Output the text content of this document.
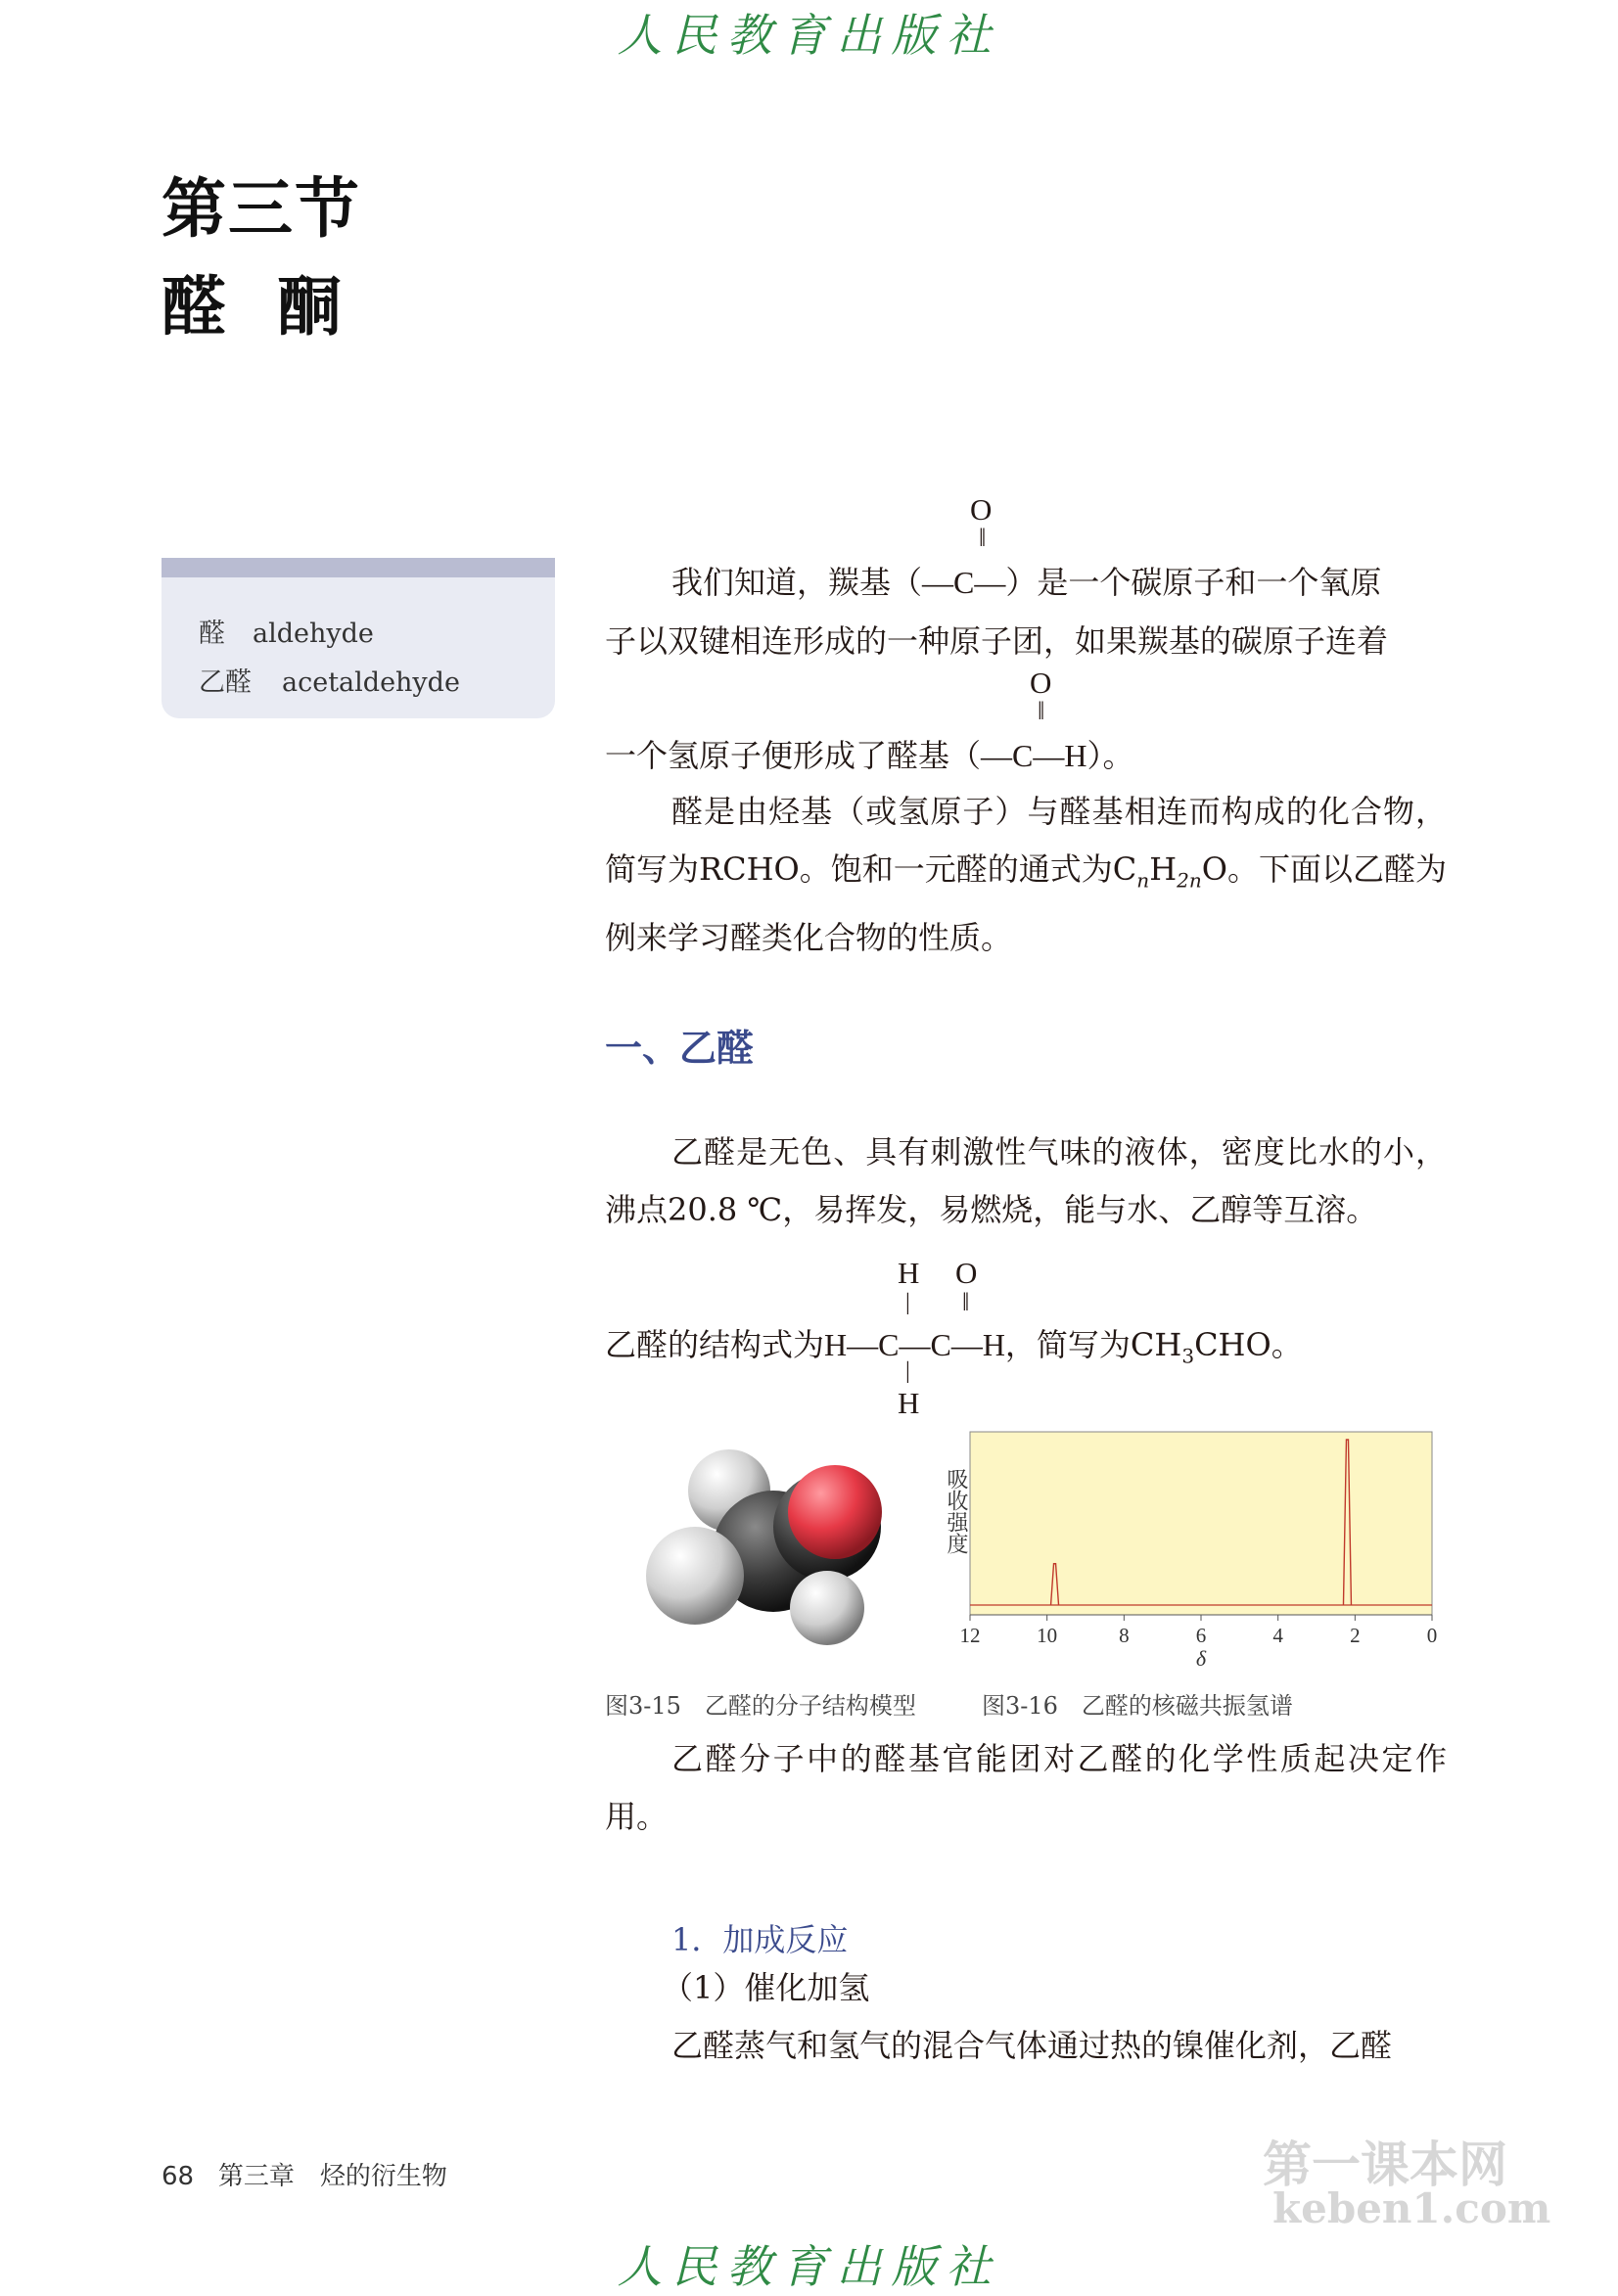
人民教育出版社
人民教育出版社
第三节
醛  酮
醛 aldehyde
乙醛 acetaldehyde
O
‖
我们知道，羰基（—C—）是一个碳原子和一个氧原
子以双键相连形成的一种原子团，如果羰基的碳原子连着
O
‖
一个氢原子便形成了醛基（—C—H）。
醛是由烃基（或氢原子）与醛基相连而构成的化合物，简写为RCHO。饱和一元醛的通式为$C_nH_{2n}O$。下面以乙醛为例来学习醛类化合物的性质。
一、乙醛
乙醛是无色、具有刺激性气味的液体，密度比水的小，沸点20.8 ℃，易挥发，易燃烧，能与水、乙醇等互溶。
H O
| ‖
乙醛的结构式为H—C—C—H，简写为$CH_3CHO$。
|
H
吸收强度
12	10	8	6	4	2	0
δ
图3-15　乙醛的分子结构模型	图3-16　乙醛的核磁共振氢谱
乙醛分子中的醛基官能团对乙醛的化学性质起决定作用。
1．加成反应
（1）催化加氢
乙醛蒸气和氢气的混合气体通过热的镍催化剂，乙醛
68 第三章　烃的衍生物	第一课本网
keben1.com
